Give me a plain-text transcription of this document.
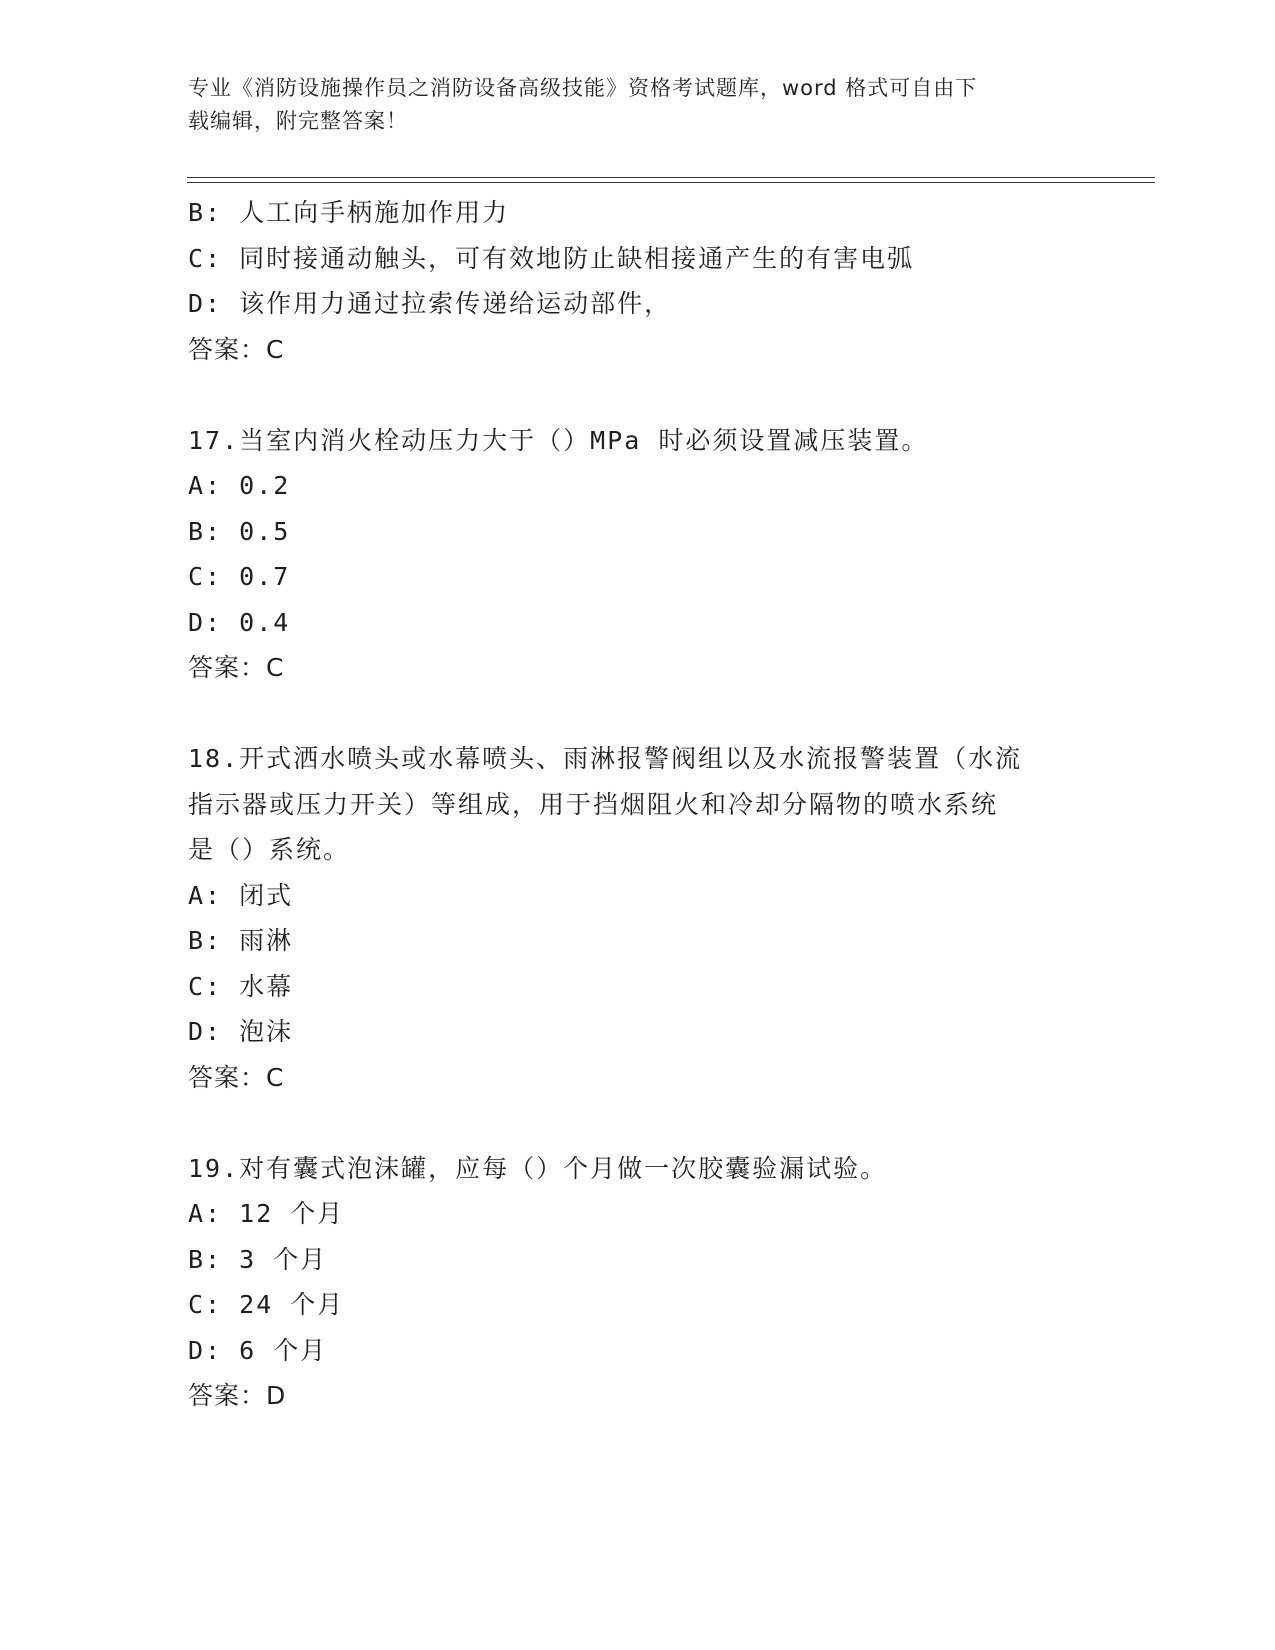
专业《消防设施操作员之消防设备高级技能》资格考试题库，word 格式可自由下
载编辑，附完整答案！
B: 人工向手柄施加作用力
C: 同时接通动触头，可有效地防止缺相接通产生的有害电弧
D: 该作用力通过拉索传递给运动部件，
答案：C
17.当室内消火栓动压力大于（）MPa 时必须设置减压装置。
A: 0.2
B: 0.5
C: 0.7
D: 0.4
答案：C
18.开式洒水喷头或水幕喷头、雨淋报警阀组以及水流报警装置（水流
指示器或压力开关）等组成，用于挡烟阻火和冷却分隔物的喷水系统
是（）系统。
A: 闭式
B: 雨淋
C: 水幕
D: 泡沫
答案：C
19.对有囊式泡沫罐，应每（）个月做一次胶囊验漏试验。
A: 12 个月
B: 3 个月
C: 24 个月
D: 6 个月
答案：D
